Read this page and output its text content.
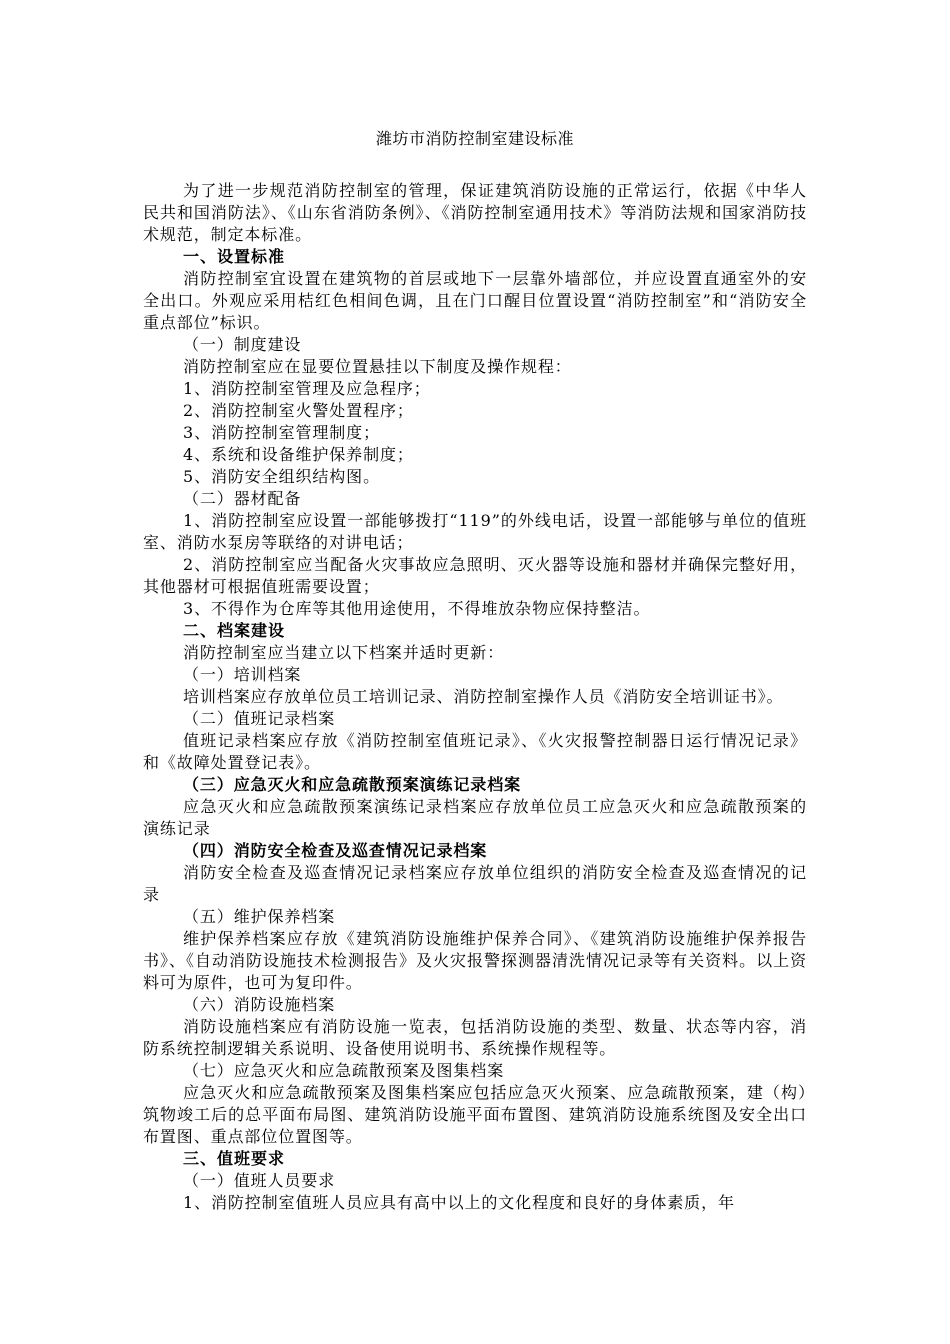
潍坊市消防控制室建设标准

为了进一步规范消防控制室的管理，保证建筑消防设施的正常运行，依据《中华人民共和国消防法》、《山东省消防条例》、《消防控制室通用技术》等消防法规和国家消防技术规范，制定本标准。

一、设置标准

消防控制室宜设置在建筑物的首层或地下一层靠外墙部位，并应设置直通室外的安全出口。外观应采用桔红色相间色调，且在门口醒目位置设置“消防控制室”和“消防安全重点部位”标识。

（一）制度建设

消防控制室应在显要位置悬挂以下制度及操作规程：

1、消防控制室管理及应急程序；

2、消防控制室火警处置程序；

3、消防控制室管理制度；

4、系统和设备维护保养制度；

5、消防安全组织结构图。

（二）器材配备

1、消防控制室应设置一部能够拨打“119”的外线电话，设置一部能够与单位的值班室、消防水泵房等联络的对讲电话；

2、消防控制室应当配备火灾事故应急照明、灭火器等设施和器材并确保完整好用，其他器材可根据值班需要设置；

3、不得作为仓库等其他用途使用，不得堆放杂物应保持整洁。

二、档案建设

消防控制室应当建立以下档案并适时更新：

（一）培训档案

培训档案应存放单位员工培训记录、消防控制室操作人员《消防安全培训证书》。

（二）值班记录档案

值班记录档案应存放《消防控制室值班记录》、《火灾报警控制器日运行情况记录》和《故障处置登记表》。

（三）应急灭火和应急疏散预案演练记录档案

应急灭火和应急疏散预案演练记录档案应存放单位员工应急灭火和应急疏散预案的演练记录

（四）消防安全检查及巡查情况记录档案

消防安全检查及巡查情况记录档案应存放单位组织的消防安全检查及巡查情况的记录

（五）维护保养档案

维护保养档案应存放《建筑消防设施维护保养合同》、《建筑消防设施维护保养报告书》、《自动消防设施技术检测报告》及火灾报警探测器清洗情况记录等有关资料。以上资料可为原件，也可为复印件。

（六）消防设施档案

消防设施档案应有消防设施一览表，包括消防设施的类型、数量、状态等内容，消防系统控制逻辑关系说明、设备使用说明书、系统操作规程等。

（七）应急灭火和应急疏散预案及图集档案

应急灭火和应急疏散预案及图集档案应包括应急灭火预案、应急疏散预案，建（构）筑物竣工后的总平面布局图、建筑消防设施平面布置图、建筑消防设施系统图及安全出口布置图、重点部位位置图等。

三、值班要求

（一）值班人员要求

1、消防控制室值班人员应具有高中以上的文化程度和良好的身体素质，年
